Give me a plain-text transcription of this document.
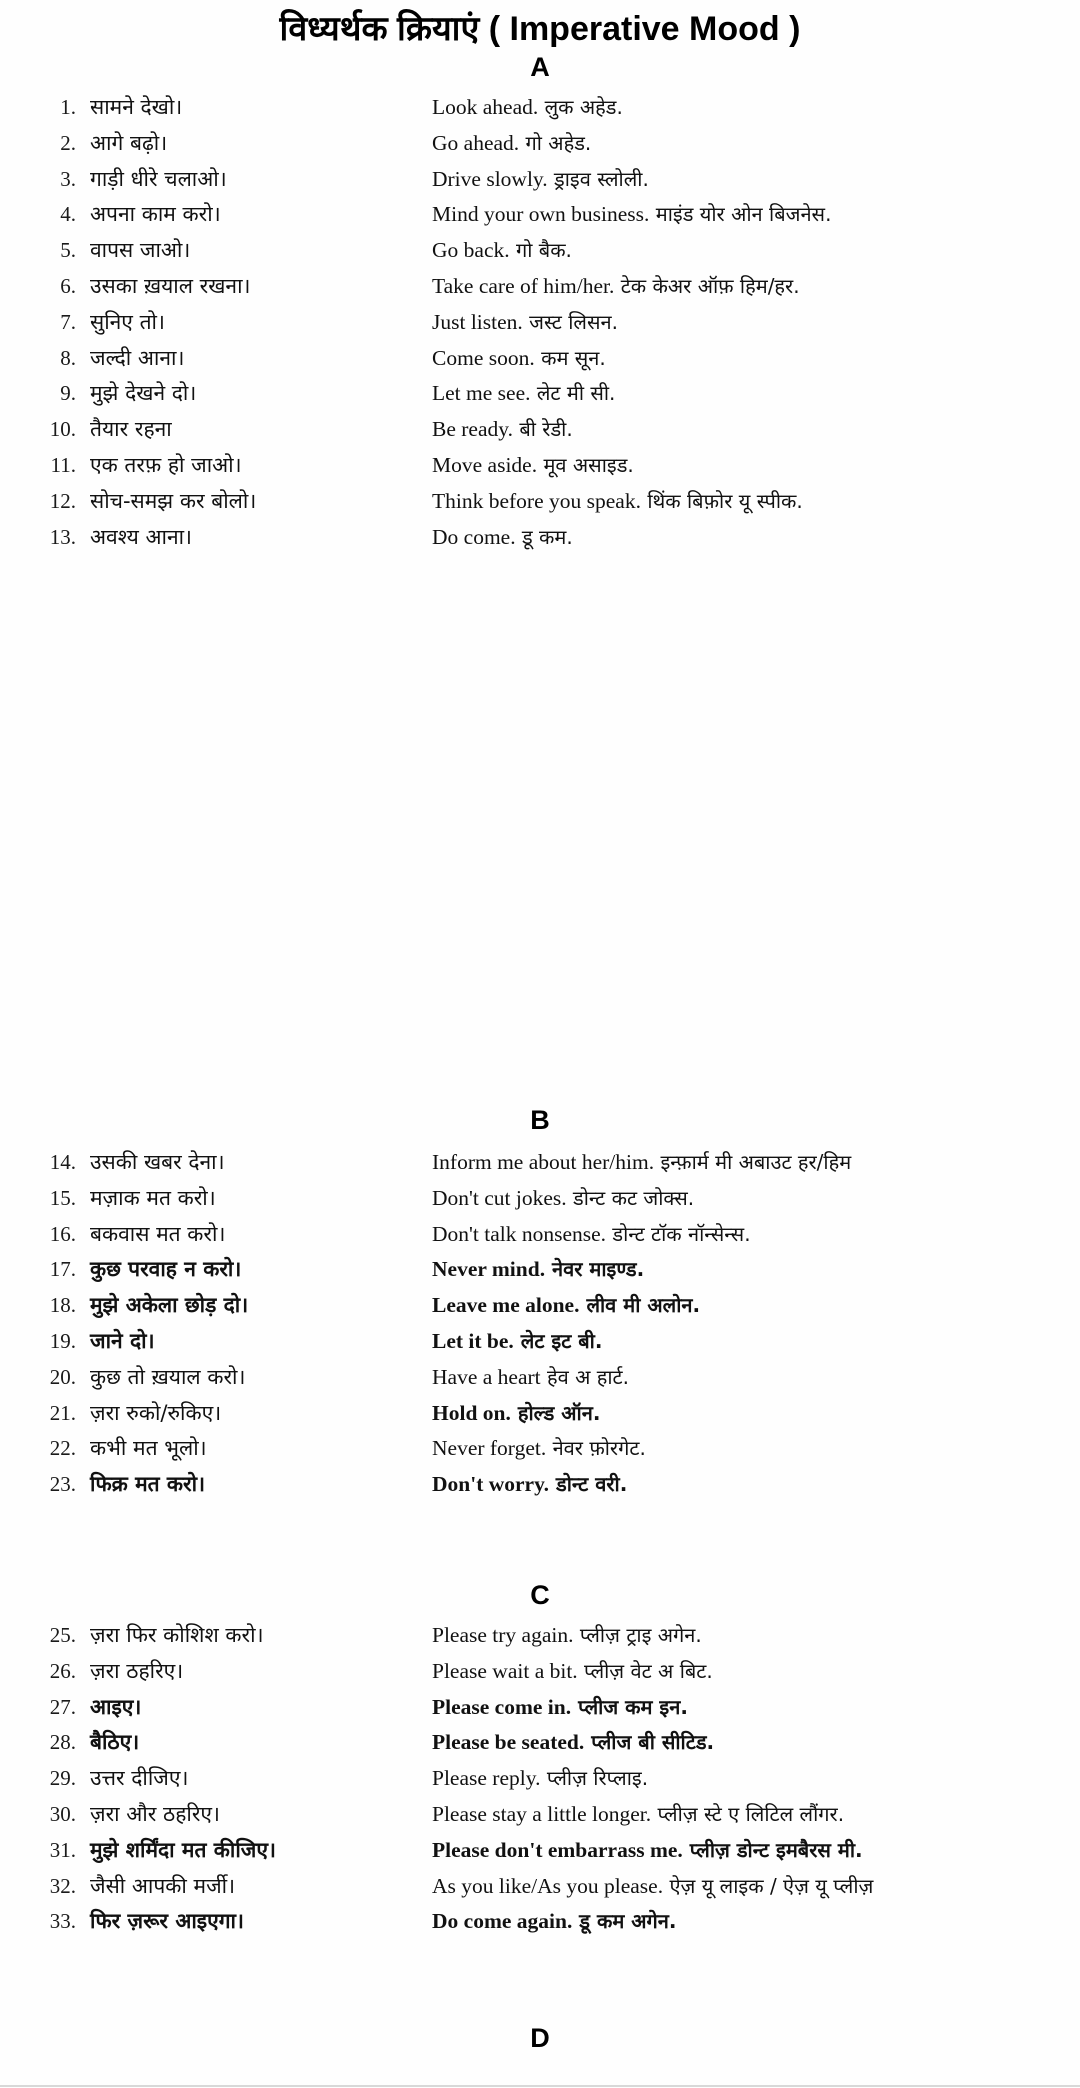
विध्यर्थक क्रियाएं ( Imperative Mood )
A
1. सामने देखो।	Look ahead. लुक अहेड.
2. आगे बढ़ो।	Go ahead. गो अहेड.
3. गाड़ी धीरे चलाओ।	Drive slowly. ड्राइव स्लोली.
4. अपना काम करो।	Mind your own business. माइंड योर ओन बिजनेस.
5. वापस जाओ।	Go back. गो बैक.
6. उसका ख़याल रखना।	Take care of him/her. टेक केअर ऑफ़ हिम/हर.
7. सुनिए तो।	Just listen. जस्ट लिसन.
8. जल्दी आना।	Come soon. कम सून.
9. मुझे देखने दो।	Let me see. लेट मी सी.
10. तैयार रहना	Be ready. बी रेडी.
11. एक तरफ़ हो जाओ।	Move aside. मूव असाइड.
12. सोच-समझ कर बोलो।	Think before you speak. थिंक बिफ़ोर यू स्पीक.
13. अवश्य आना।	Do come. डू कम.
B
14. उसकी खबर देना।	Inform me about her/him. इन्फ़ार्म मी अबाउट हर/हिम
15. मज़ाक मत करो।	Don't cut jokes. डोन्ट कट जोक्स.
16. बकवास मत करो।	Don't talk nonsense. डोन्ट टॉक नॉन्सेन्स.
17. कुछ परवाह न करो।	Never mind. नेवर माइण्ड.
18. मुझे अकेला छोड़ दो।	Leave me alone. लीव मी अलोन.
19. जाने दो।	Let it be. लेट इट बी.
20. कुछ तो ख़याल करो।	Have a heart हेव अ हार्ट.
21. ज़रा रुको/रुकिए।	Hold on. होल्ड ऑन.
22. कभी मत भूलो।	Never forget. नेवर फ़ोरगेट.
23. फिक्र मत करो।	Don't worry. डोन्ट वरी.
C
25. ज़रा फिर कोशिश करो।	Please try again. प्लीज़ ट्राइ अगेन.
26. ज़रा ठहरिए।	Please wait a bit. प्लीज़ वेट अ बिट.
27. आइए।	Please come in. प्लीज कम इन.
28. बैठिए।	Please be seated. प्लीज बी सीटिड.
29. उत्तर दीजिए।	Please reply. प्लीज़ रिप्लाइ.
30. ज़रा और ठहरिए।	Please stay a little longer. प्लीज़ स्टे ए लिटिल लौंगर.
31. मुझे शर्मिंदा मत कीजिए।	Please don't embarrass me. प्लीज़ डोन्ट इमबैरस मी.
32. जैसी आपकी मर्जी।	As you like/As you please. ऐज़ यू लाइक / ऐज़ यू प्लीज़
33. फिर ज़रूर आइएगा।	Do come again. डू कम अगेन.
D
